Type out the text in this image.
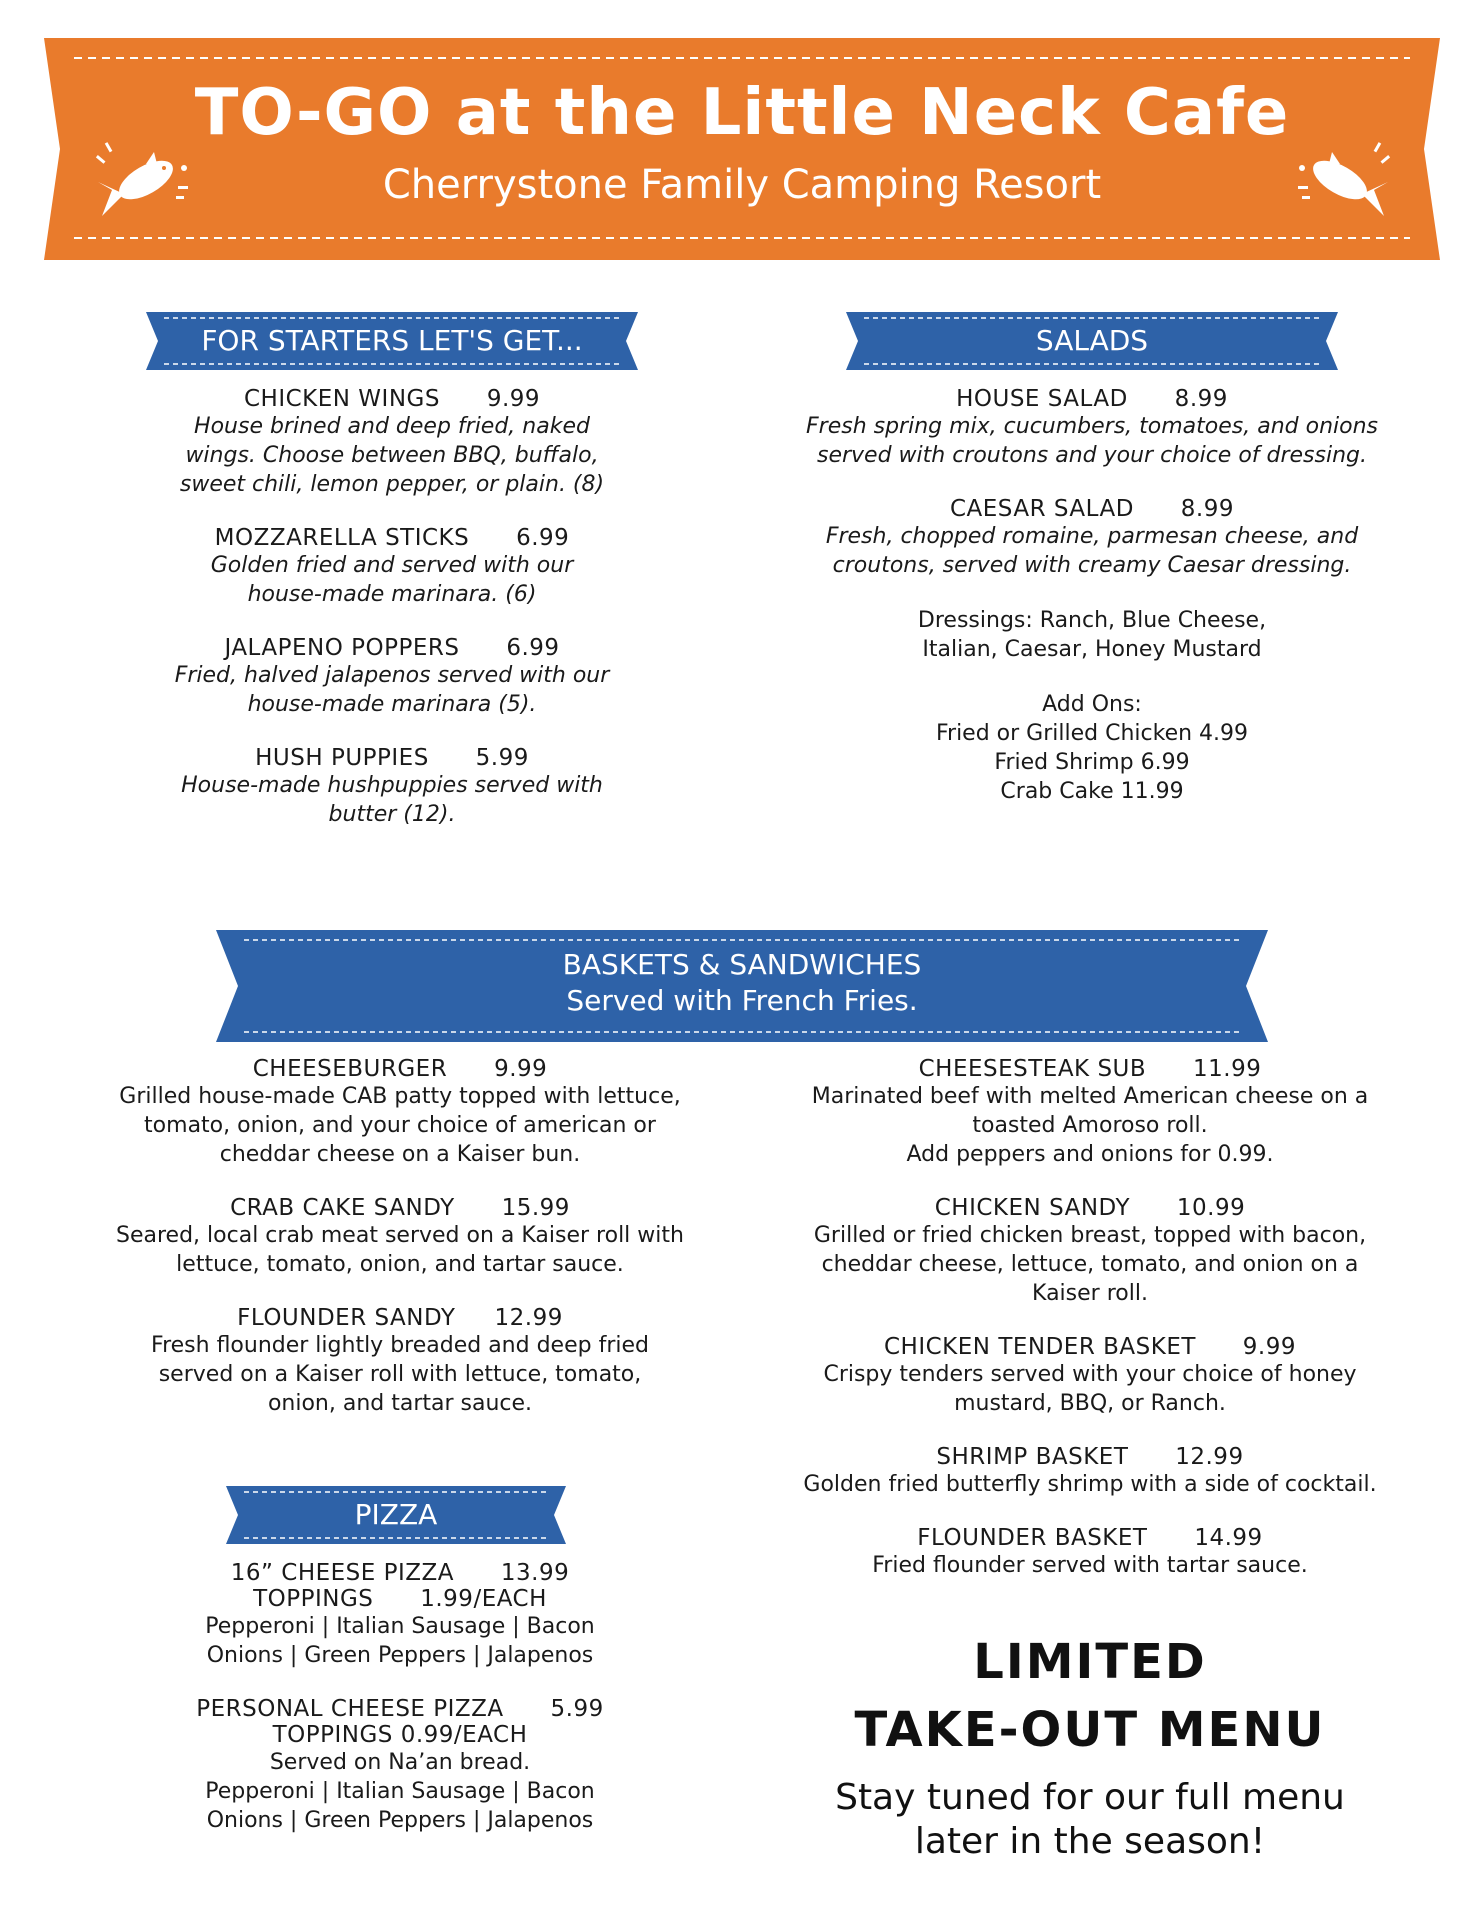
TO-GO at the Little Neck Cafe
Cherrystone Family Camping Resort
FOR STARTERS LET'S GET...
CHICKEN WINGS      9.99
House brined and deep fried, naked
wings. Choose between BBQ, buffalo,
sweet chili, lemon pepper, or plain. (8)
MOZZARELLA STICKS      6.99
Golden fried and served with our
house-made marinara. (6)
JALAPENO POPPERS      6.99
Fried, halved jalapenos served with our
house-made marinara (5).
HUSH PUPPIES      5.99
House-made hushpuppies served with
butter (12).
SALADS
HOUSE SALAD      8.99
Fresh spring mix, cucumbers, tomatoes, and onions
served with croutons and your choice of dressing.
CAESAR SALAD      8.99
Fresh, chopped romaine, parmesan cheese, and
croutons, served with creamy Caesar dressing.
Dressings: Ranch, Blue Cheese,
Italian, Caesar, Honey Mustard
Add Ons:
Fried or Grilled Chicken 4.99
Fried Shrimp 6.99
Crab Cake 11.99
BASKETS & SANDWICHES
Served with French Fries.
CHEESEBURGER      9.99
Grilled house-made CAB patty topped with lettuce,
tomato, onion, and your choice of american or
cheddar cheese on a Kaiser bun.
CRAB CAKE SANDY      15.99
Seared, local crab meat served on a Kaiser roll with
lettuce, tomato, onion, and tartar sauce.
FLOUNDER SANDY     12.99
Fresh flounder lightly breaded and deep fried
served on a Kaiser roll with lettuce, tomato,
onion, and tartar sauce.
CHEESESTEAK SUB      11.99
Marinated beef with melted American cheese on a
toasted Amoroso roll.
Add peppers and onions for 0.99.
CHICKEN SANDY      10.99
Grilled or fried chicken breast, topped with bacon,
cheddar cheese, lettuce, tomato, and onion on a
Kaiser roll.
CHICKEN TENDER BASKET      9.99
Crispy tenders served with your choice of honey
mustard, BBQ, or Ranch.
SHRIMP BASKET      12.99
Golden fried butterfly shrimp with a side of cocktail.
FLOUNDER BASKET      14.99
Fried flounder served with tartar sauce.
PIZZA
16” CHEESE PIZZA      13.99
TOPPINGS      1.99/EACH
Pepperoni | Italian Sausage | Bacon
Onions | Green Peppers | Jalapenos
PERSONAL CHEESE PIZZA      5.99
TOPPINGS 0.99/EACH
Served on Na’an bread.
Pepperoni | Italian Sausage | Bacon
Onions | Green Peppers | Jalapenos
LIMITED
TAKE-OUT MENU
Stay tuned for our full menu
later in the season!
